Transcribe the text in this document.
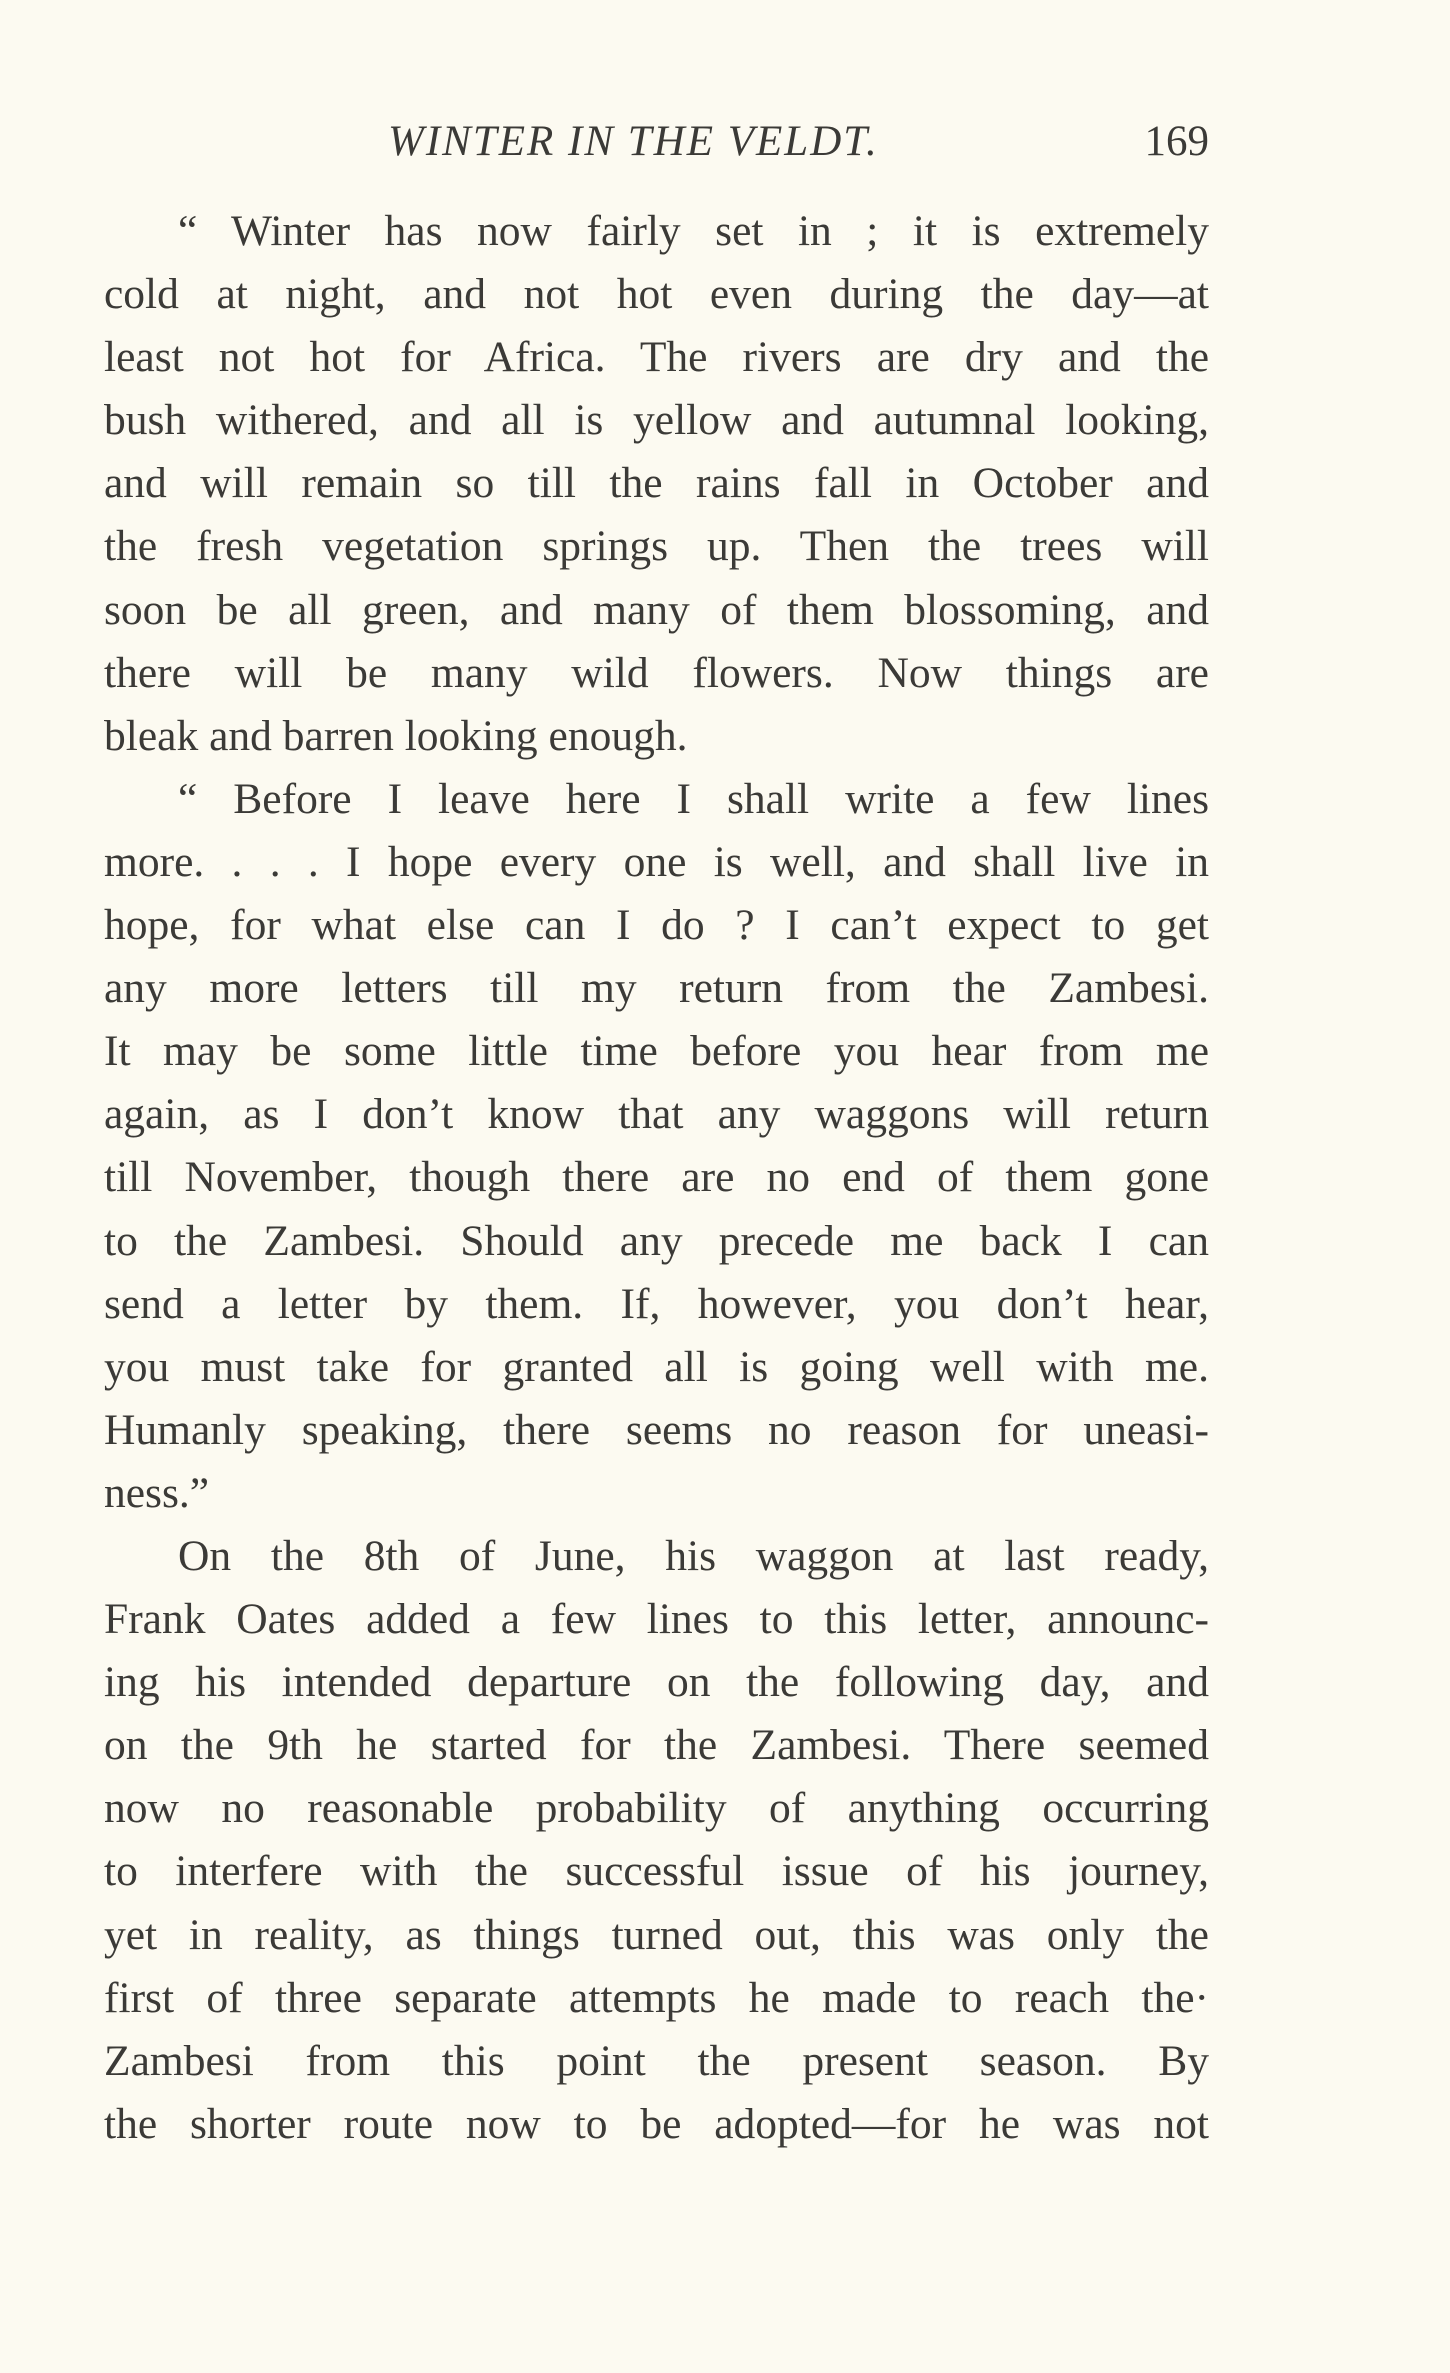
WINTER IN THE VELDT.	169
“ Winter has now fairly set in ; it is extremely
cold at night, and not hot even during the day—at
least not hot for Africa. The rivers are dry and the
bush withered, and all is yellow and autumnal looking,
and will remain so till the rains fall in October and
the fresh vegetation springs up. Then the trees will
soon be all green, and many of them blossoming, and
there will be many wild flowers. Now things are
bleak and barren looking enough.
“ Before I leave here I shall write a few lines
more. . . . I hope every one is well, and shall live in
hope, for what else can I do ? I can’t expect to get
any more letters till my return from the Zambesi.
It may be some little time before you hear from me
again, as I don’t know that any waggons will return
till November, though there are no end of them gone
to the Zambesi. Should any precede me back I can
send a letter by them. If, however, you don’t hear,
you must take for granted all is going well with me.
Humanly speaking, there seems no reason for uneasi-
ness.”
On the 8th of June, his waggon at last ready,
Frank Oates added a few lines to this letter, announc-
ing his intended departure on the following day, and
on the 9th he started for the Zambesi. There seemed
now no reasonable probability of anything occurring
to interfere with the successful issue of his journey,
yet in reality, as things turned out, this was only the
first of three separate attempts he made to reach the·
Zambesi from this point the present season. By
the shorter route now to be adopted—for he was not
